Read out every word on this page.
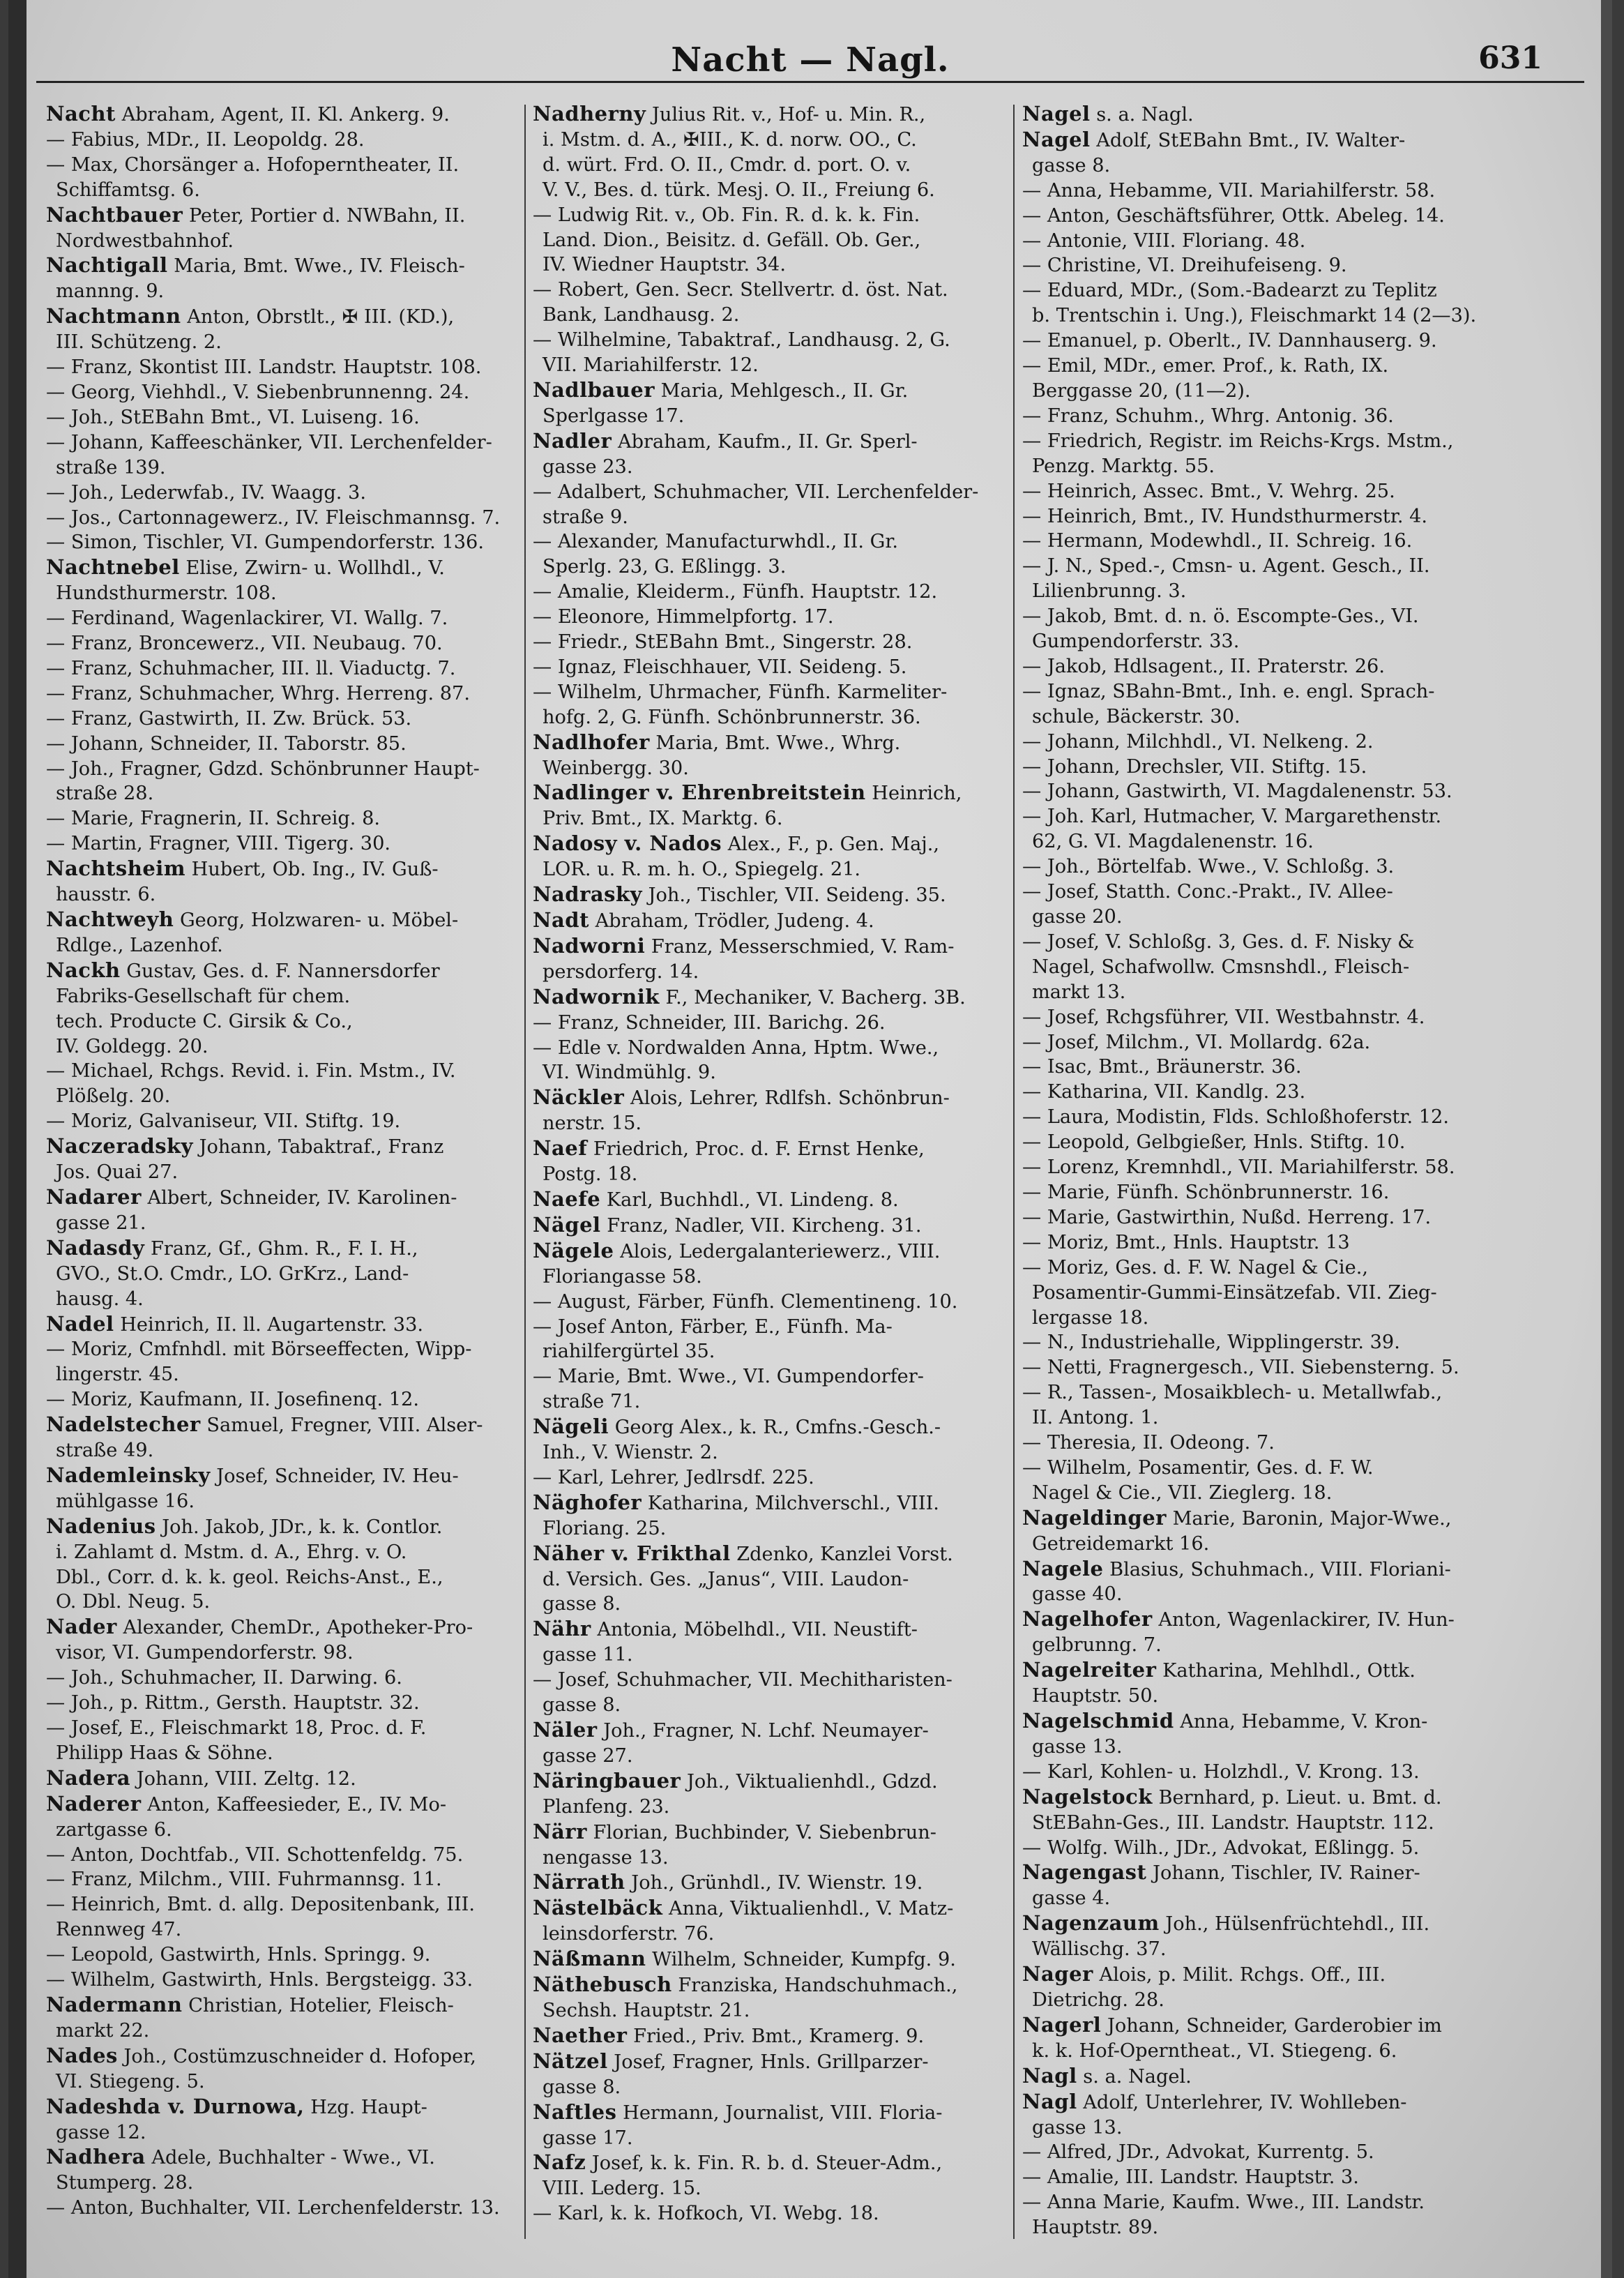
Nacht — Nagl.	631
Nacht Abraham, Agent, II. Kl. Ankerg. 9.
— Fabius, MDr., II. Leopoldg. 28.
— Max, Chorsänger a. Hofoperntheater, II.
Schiffamtsg. 6.
Nachtbauer Peter, Portier d. NWBahn, II.
Nordwestbahnhof.
Nachtigall Maria, Bmt. Wwe., IV. Fleisch-
mannng. 9.
Nachtmann Anton, Obrstlt., ✠ III. (KD.),
III. Schützeng. 2.
— Franz, Skontist III. Landstr. Hauptstr. 108.
— Georg, Viehhdl., V. Siebenbrunnenng. 24.
— Joh., StEBahn Bmt., VI. Luiseng. 16.
— Johann, Kaffeeschänker, VII. Lerchenfelder-
straße 139.
— Joh., Lederwfab., IV. Waagg. 3.
— Jos., Cartonnagewerz., IV. Fleischmannsg. 7.
— Simon, Tischler, VI. Gumpendorferstr. 136.
Nachtnebel Elise, Zwirn- u. Wollhdl., V.
Hundsthurmerstr. 108.
— Ferdinand, Wagenlackirer, VI. Wallg. 7.
— Franz, Broncewerz., VII. Neubaug. 70.
— Franz, Schuhmacher, III. ll. Viaductg. 7.
— Franz, Schuhmacher, Whrg. Herreng. 87.
— Franz, Gastwirth, II. Zw. Brück. 53.
— Johann, Schneider, II. Taborstr. 85.
— Joh., Fragner, Gdzd. Schönbrunner Haupt-
straße 28.
— Marie, Fragnerin, II. Schreig. 8.
— Martin, Fragner, VIII. Tigerg. 30.
Nachtsheim Hubert, Ob. Ing., IV. Guß-
hausstr. 6.
Nachtweyh Georg, Holzwaren- u. Möbel-
Rdlge., Lazenhof.
Nackh Gustav, Ges. d. F. Nannersdorfer
Fabriks-Gesellschaft für chem.
tech. Producte C. Girsik & Co.,
IV. Goldegg. 20.
— Michael, Rchgs. Revid. i. Fin. Mstm., IV.
Plößelg. 20.
— Moriz, Galvaniseur, VII. Stiftg. 19.
Naczeradsky Johann, Tabaktraf., Franz
Jos. Quai 27.
Nadarer Albert, Schneider, IV. Karolinen-
gasse 21.
Nadasdy Franz, Gf., Ghm. R., F. I. H.,
GVO., St.O. Cmdr., LO. GrKrz., Land-
hausg. 4.
Nadel Heinrich, II. ll. Augartenstr. 33.
— Moriz, Cmfnhdl. mit Börseeffecten, Wipp-
lingerstr. 45.
— Moriz, Kaufmann, II. Josefinenq. 12.
Nadelstecher Samuel, Fregner, VIII. Alser-
straße 49.
Nademleinsky Josef, Schneider, IV. Heu-
mühlgasse 16.
Nadenius Joh. Jakob, JDr., k. k. Contlor.
i. Zahlamt d. Mstm. d. A., Ehrg. v. O.
Dbl., Corr. d. k. k. geol. Reichs-Anst., E.,
O. Dbl. Neug. 5.
Nader Alexander, ChemDr., Apotheker-Pro-
visor, VI. Gumpendorferstr. 98.
— Joh., Schuhmacher, II. Darwing. 6.
— Joh., p. Rittm., Gersth. Hauptstr. 32.
— Josef, E., Fleischmarkt 18, Proc. d. F.
Philipp Haas & Söhne.
Nadera Johann, VIII. Zeltg. 12.
Naderer Anton, Kaffeesieder, E., IV. Mo-
zartgasse 6.
— Anton, Dochtfab., VII. Schottenfeldg. 75.
— Franz, Milchm., VIII. Fuhrmannsg. 11.
— Heinrich, Bmt. d. allg. Depositenbank, III.
Rennweg 47.
— Leopold, Gastwirth, Hnls. Springg. 9.
— Wilhelm, Gastwirth, Hnls. Bergsteigg. 33.
Nadermann Christian, Hotelier, Fleisch-
markt 22.
Nades Joh., Costümzuschneider d. Hofoper,
VI. Stiegeng. 5.
Nadeshda v. Durnowa, Hzg. Haupt-
gasse 12.
Nadhera Adele, Buchhalter - Wwe., VI.
Stumperg. 28.
— Anton, Buchhalter, VII. Lerchenfelderstr. 13.
Nadherny Julius Rit. v., Hof- u. Min. R.,
i. Mstm. d. A., ✠III., K. d. norw. OO., C.
d. würt. Frd. O. II., Cmdr. d. port. O. v.
V. V., Bes. d. türk. Mesj. O. II., Freiung 6.
— Ludwig Rit. v., Ob. Fin. R. d. k. k. Fin.
Land. Dion., Beisitz. d. Gefäll. Ob. Ger.,
IV. Wiedner Hauptstr. 34.
— Robert, Gen. Secr. Stellvertr. d. öst. Nat.
Bank, Landhausg. 2.
— Wilhelmine, Tabaktraf., Landhausg. 2, G.
VII. Mariahilferstr. 12.
Nadlbauer Maria, Mehlgesch., II. Gr.
Sperlgasse 17.
Nadler Abraham, Kaufm., II. Gr. Sperl-
gasse 23.
— Adalbert, Schuhmacher, VII. Lerchenfelder-
straße 9.
— Alexander, Manufacturwhdl., II. Gr.
Sperlg. 23, G. Eßlingg. 3.
— Amalie, Kleiderm., Fünfh. Hauptstr. 12.
— Eleonore, Himmelpfortg. 17.
— Friedr., StEBahn Bmt., Singerstr. 28.
— Ignaz, Fleischhauer, VII. Seideng. 5.
— Wilhelm, Uhrmacher, Fünfh. Karmeliter-
hofg. 2, G. Fünfh. Schönbrunnerstr. 36.
Nadlhofer Maria, Bmt. Wwe., Whrg.
Weinbergg. 30.
Nadlinger v. Ehrenbreitstein Heinrich,
Priv. Bmt., IX. Marktg. 6.
Nadosy v. Nados Alex., F., p. Gen. Maj.,
LOR. u. R. m. h. O., Spiegelg. 21.
Nadrasky Joh., Tischler, VII. Seideng. 35.
Nadt Abraham, Trödler, Judeng. 4.
Nadworni Franz, Messerschmied, V. Ram-
persdorferg. 14.
Nadwornik F., Mechaniker, V. Bacherg. 3B.
— Franz, Schneider, III. Barichg. 26.
— Edle v. Nordwalden Anna, Hptm. Wwe.,
VI. Windmühlg. 9.
Näckler Alois, Lehrer, Rdlfsh. Schönbrun-
nerstr. 15.
Naef Friedrich, Proc. d. F. Ernst Henke,
Postg. 18.
Naefe Karl, Buchhdl., VI. Lindeng. 8.
Nägel Franz, Nadler, VII. Kircheng. 31.
Nägele Alois, Ledergalanteriewerz., VIII.
Floriangasse 58.
— August, Färber, Fünfh. Clementineng. 10.
— Josef Anton, Färber, E., Fünfh. Ma-
riahilfergürtel 35.
— Marie, Bmt. Wwe., VI. Gumpendorfer-
straße 71.
Nägeli Georg Alex., k. R., Cmfns.-Gesch.-
Inh., V. Wienstr. 2.
— Karl, Lehrer, Jedlrsdf. 225.
Näghofer Katharina, Milchverschl., VIII.
Floriang. 25.
Näher v. Frikthal Zdenko, Kanzlei Vorst.
d. Versich. Ges. „Janus“, VIII. Laudon-
gasse 8.
Nähr Antonia, Möbelhdl., VII. Neustift-
gasse 11.
— Josef, Schuhmacher, VII. Mechitharisten-
gasse 8.
Näler Joh., Fragner, N. Lchf. Neumayer-
gasse 27.
Näringbauer Joh., Viktualienhdl., Gdzd.
Planfeng. 23.
Närr Florian, Buchbinder, V. Siebenbrun-
nengasse 13.
Närrath Joh., Grünhdl., IV. Wienstr. 19.
Nästelbäck Anna, Viktualienhdl., V. Matz-
leinsdorferstr. 76.
Näßmann Wilhelm, Schneider, Kumpfg. 9.
Näthebusch Franziska, Handschuhmach.,
Sechsh. Hauptstr. 21.
Naether Fried., Priv. Bmt., Kramerg. 9.
Nätzel Josef, Fragner, Hnls. Grillparzer-
gasse 8.
Naftles Hermann, Journalist, VIII. Floria-
gasse 17.
Nafz Josef, k. k. Fin. R. b. d. Steuer-Adm.,
VIII. Lederg. 15.
— Karl, k. k. Hofkoch, VI. Webg. 18.
Nagel s. a. Nagl.
Nagel Adolf, StEBahn Bmt., IV. Walter-
gasse 8.
— Anna, Hebamme, VII. Mariahilferstr. 58.
— Anton, Geschäftsführer, Ottk. Abeleg. 14.
— Antonie, VIII. Floriang. 48.
— Christine, VI. Dreihufeiseng. 9.
— Eduard, MDr., (Som.-Badearzt zu Teplitz
b. Trentschin i. Ung.), Fleischmarkt 14 (2—3).
— Emanuel, p. Oberlt., IV. Dannhauserg. 9.
— Emil, MDr., emer. Prof., k. Rath, IX.
Berggasse 20, (11—2).
— Franz, Schuhm., Whrg. Antonig. 36.
— Friedrich, Registr. im Reichs-Krgs. Mstm.,
Penzg. Marktg. 55.
— Heinrich, Assec. Bmt., V. Wehrg. 25.
— Heinrich, Bmt., IV. Hundsthurmerstr. 4.
— Hermann, Modewhdl., II. Schreig. 16.
— J. N., Sped.-, Cmsn- u. Agent. Gesch., II.
Lilienbrunng. 3.
— Jakob, Bmt. d. n. ö. Escompte-Ges., VI.
Gumpendorferstr. 33.
— Jakob, Hdlsagent., II. Praterstr. 26.
— Ignaz, SBahn-Bmt., Inh. e. engl. Sprach-
schule, Bäckerstr. 30.
— Johann, Milchhdl., VI. Nelkeng. 2.
— Johann, Drechsler, VII. Stiftg. 15.
— Johann, Gastwirth, VI. Magdalenenstr. 53.
— Joh. Karl, Hutmacher, V. Margarethenstr.
62, G. VI. Magdalenenstr. 16.
— Joh., Börtelfab. Wwe., V. Schloßg. 3.
— Josef, Statth. Conc.-Prakt., IV. Allee-
gasse 20.
— Josef, V. Schloßg. 3, Ges. d. F. Nisky &
Nagel, Schafwollw. Cmsnshdl., Fleisch-
markt 13.
— Josef, Rchgsführer, VII. Westbahnstr. 4.
— Josef, Milchm., VI. Mollardg. 62a.
— Isac, Bmt., Bräunerstr. 36.
— Katharina, VII. Kandlg. 23.
— Laura, Modistin, Flds. Schloßhoferstr. 12.
— Leopold, Gelbgießer, Hnls. Stiftg. 10.
— Lorenz, Kremnhdl., VII. Mariahilferstr. 58.
— Marie, Fünfh. Schönbrunnerstr. 16.
— Marie, Gastwirthin, Nußd. Herreng. 17.
— Moriz, Bmt., Hnls. Hauptstr. 13
— Moriz, Ges. d. F. W. Nagel & Cie.,
Posamentir-Gummi-Einsätzefab. VII. Zieg-
lergasse 18.
— N., Industriehalle, Wipplingerstr. 39.
— Netti, Fragnergesch., VII. Siebensterng. 5.
— R., Tassen-, Mosaikblech- u. Metallwfab.,
II. Antong. 1.
— Theresia, II. Odeong. 7.
— Wilhelm, Posamentir, Ges. d. F. W.
Nagel & Cie., VII. Zieglerg. 18.
Nageldinger Marie, Baronin, Major-Wwe.,
Getreidemarkt 16.
Nagele Blasius, Schuhmach., VIII. Floriani-
gasse 40.
Nagelhofer Anton, Wagenlackirer, IV. Hun-
gelbrunng. 7.
Nagelreiter Katharina, Mehlhdl., Ottk.
Hauptstr. 50.
Nagelschmid Anna, Hebamme, V. Kron-
gasse 13.
— Karl, Kohlen- u. Holzhdl., V. Krong. 13.
Nagelstock Bernhard, p. Lieut. u. Bmt. d.
StEBahn-Ges., III. Landstr. Hauptstr. 112.
— Wolfg. Wilh., JDr., Advokat, Eßlingg. 5.
Nagengast Johann, Tischler, IV. Rainer-
gasse 4.
Nagenzaum Joh., Hülsenfrüchtehdl., III.
Wällischg. 37.
Nager Alois, p. Milit. Rchgs. Off., III.
Dietrichg. 28.
Nagerl Johann, Schneider, Garderobier im
k. k. Hof-Operntheat., VI. Stiegeng. 6.
Nagl s. a. Nagel.
Nagl Adolf, Unterlehrer, IV. Wohlleben-
gasse 13.
— Alfred, JDr., Advokat, Kurrentg. 5.
— Amalie, III. Landstr. Hauptstr. 3.
— Anna Marie, Kaufm. Wwe., III. Landstr.
Hauptstr. 89.
